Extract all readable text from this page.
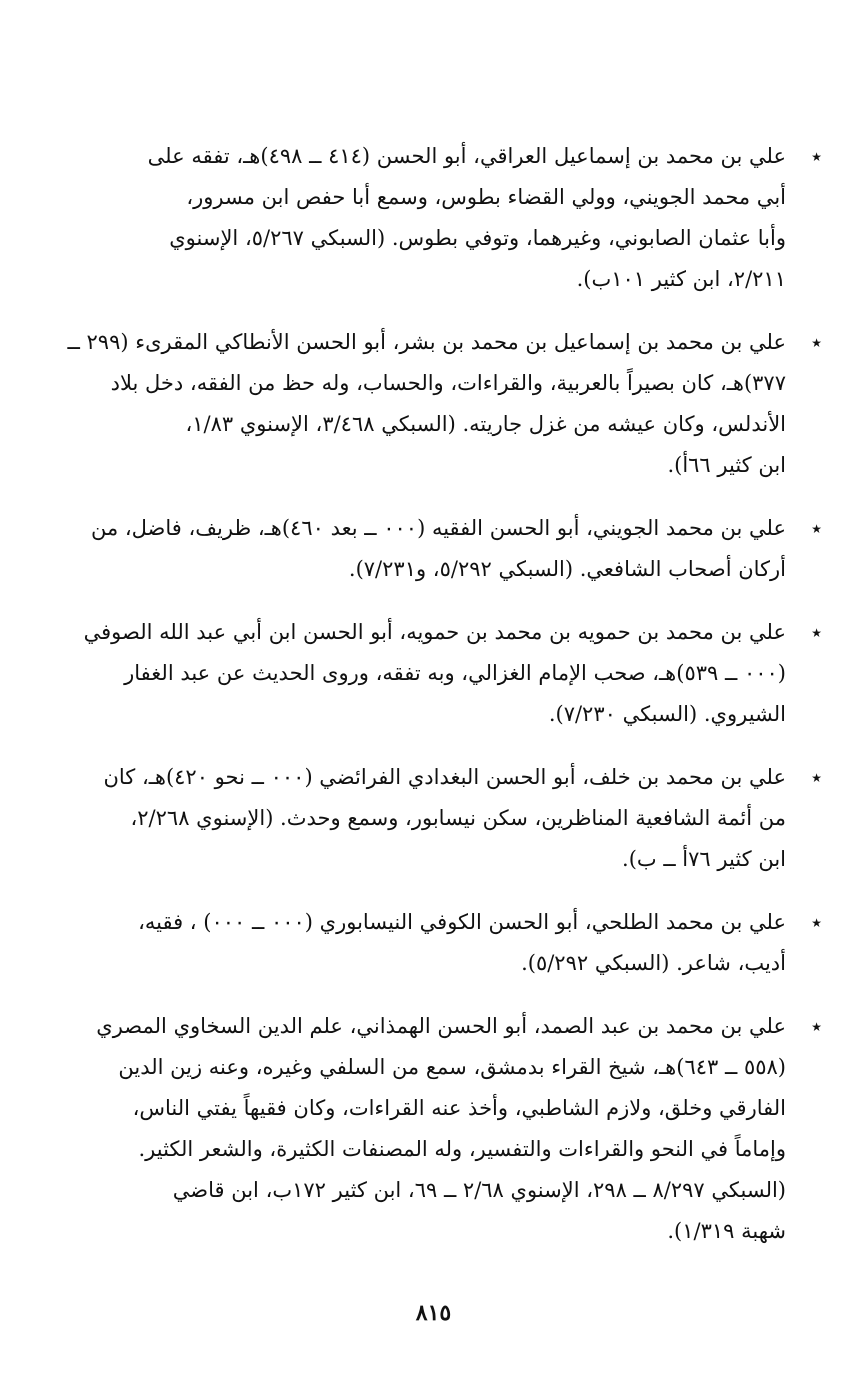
٭
علي بن محمد بن إسماعيل العراقي، أبو الحسن (٤١٤ ــ ٤٩٨)هـ، تفقه على
أبي محمد الجويني، وولي القضاء بطوس، وسمع أبا حفص ابن مسرور،
وأبا عثمان الصابوني، وغيرهما، وتوفي بطوس. (السبكي ٥/٢٦٧، الإسنوي
٢/٢١١، ابن كثير ١٠١ب).
٭
علي بن محمد بن إسماعيل بن محمد بن بشر، أبو الحسن الأنطاكي المقرىء (٢٩٩ ــ
٣٧٧)هـ، كان بصيراً بالعربية، والقراءات، والحساب، وله حظ من الفقه، دخل بلاد
الأندلس، وكان عيشه من غزل جاريته. (السبكي ٣/٤٦٨، الإسنوي ١/٨٣،
ابن كثير ٦٦أ).
٭
علي بن محمد الجويني، أبو الحسن الفقيه (٠٠٠ ــ بعد ٤٦٠)هـ، ظريف، فاضل، من
أركان أصحاب الشافعي. (السبكي ٥/٢٩٢، و٧/٢٣١).
٭
علي بن محمد بن حمويه بن محمد بن حمويه، أبو الحسن ابن أبي عبد الله الصوفي
(٠٠٠ ــ ٥٣٩)هـ، صحب الإمام الغزالي، وبه تفقه، وروى الحديث عن عبد الغفار
الشيروي. (السبكي ٧/٢٣٠).
٭
علي بن محمد بن خلف، أبو الحسن البغدادي الفرائضي (٠٠٠ ــ نحو ٤٢٠)هـ، كان
من أئمة الشافعية المناظرين، سكن نيسابور، وسمع وحدث. (الإسنوي ٢/٢٦٨،
ابن كثير ٧٦أ ــ ب).
٭
علي بن محمد الطلحي، أبو الحسن الكوفي النيسابوري (٠٠٠ ــ ٠٠٠) ، فقيه،
أديب، شاعر. (السبكي ٥/٢٩٢).
٭
علي بن محمد بن عبد الصمد، أبو الحسن الهمذاني، علم الدين السخاوي المصري
(٥٥٨ ــ ٦٤٣)هـ، شيخ القراء بدمشق، سمع من السلفي وغيره، وعنه زين الدين
الفارقي وخلق، ولازم الشاطبي، وأخذ عنه القراءات، وكان فقيهاً يفتي الناس،
وإماماً في النحو والقراءات والتفسير، وله المصنفات الكثيرة، والشعر الكثير.
(السبكي ٨/٢٩٧ ــ ٢٩٨، الإسنوي ٢/٦٨ ــ ٦٩، ابن كثير ١٧٢ب، ابن قاضي
شهبة ١/٣١٩).
٨١٥
